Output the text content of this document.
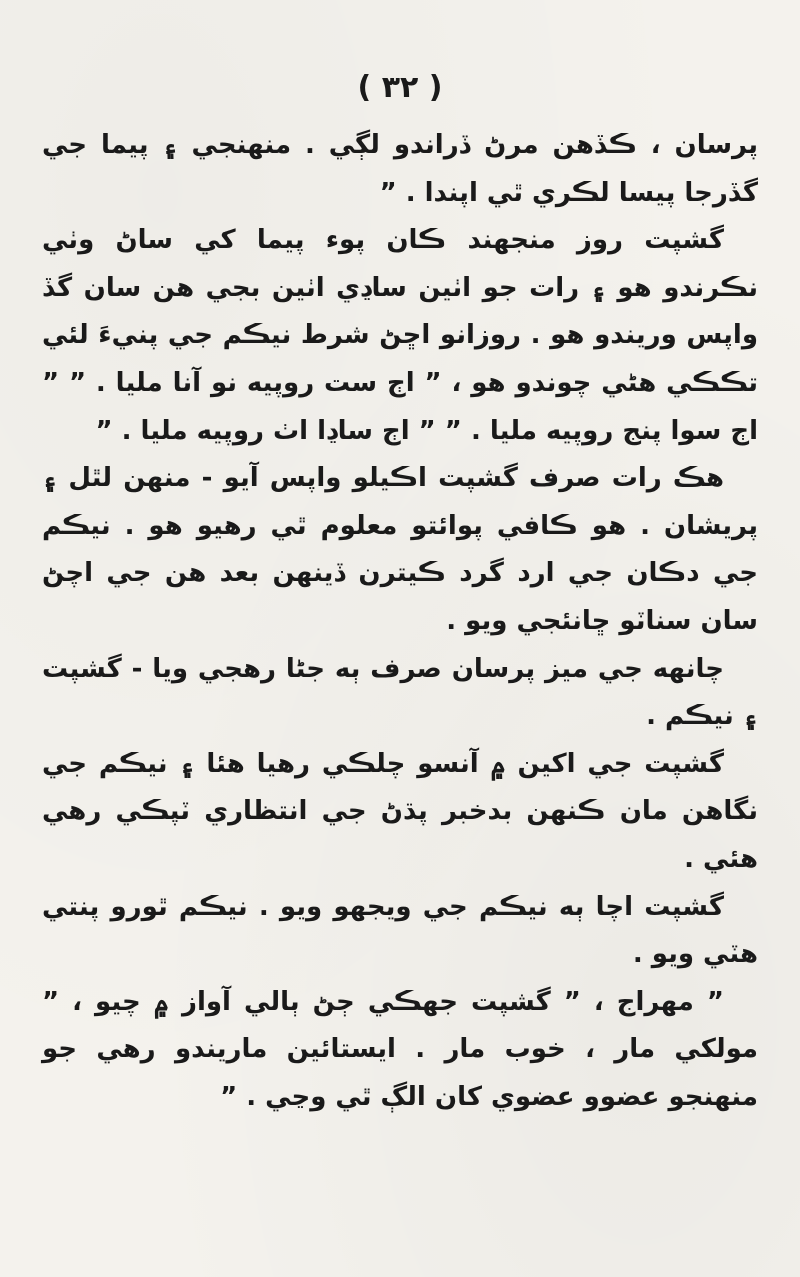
( ٣٢ )

پرسان ، ڪڏهن مرڻ ڏراندو لڳي . منهنجي ۽ پيما جي گڏرجا پيسا لڪري ٿي اپندا . ”

گشپت روز منجهند ڪان پوء پيما کي ساڻ وٺي نڪرندو هو ۽ رات جو اٺين ساڍي اٺين بجي هن سان گڏ واپس وريندو هو . روزانو اڇڻ شرط نيڪم جي پنيءَ لئي تڪڪي هڻي چوندو هو ، ” اڄ ست روپيه نو آنا مليا . ” ” اڄ سوا پنج روپيه مليا . ” ” اڄ ساڍا اٺ روپيه مليا . ”

هڪ رات صرف گشپت اڪيلو واپس آيو - منهن لٿل ۽ پريشان . هو ڪافي پوائتو معلوم ٿي رهيو هو . نيڪم جي دڪان جي ارد گرد ڪيترن ڏينهن بعد هن جي اچڻ سان سناٽو ڇانئجي ويو .

چانهه جي ميز پرسان صرف ٻه جڻا رهجي ويا - گشپت ۽ نيڪم .

گشپت جي اکين ۾ آنسو چلڪي رهيا هئا ۽ نيڪم جي نگاهن مان ڪنهن بدخبر پڌڻ جي انتظاري ٽپڪي رهي هئي .

گشپت اچا ٻه نيڪم جي ويجهو ويو . نيڪم ٿورو پنتي هٽي ويو .

” مهراج ، ” گشپت جهڪي ڄڻ ٻالي آواز ۾ چيو ، ” مولکي مار ، خوب مار . ايستائين ماريندو رهي جو منهنجو عضوو عضوي کان الڳ ٿي وڃي . ”
